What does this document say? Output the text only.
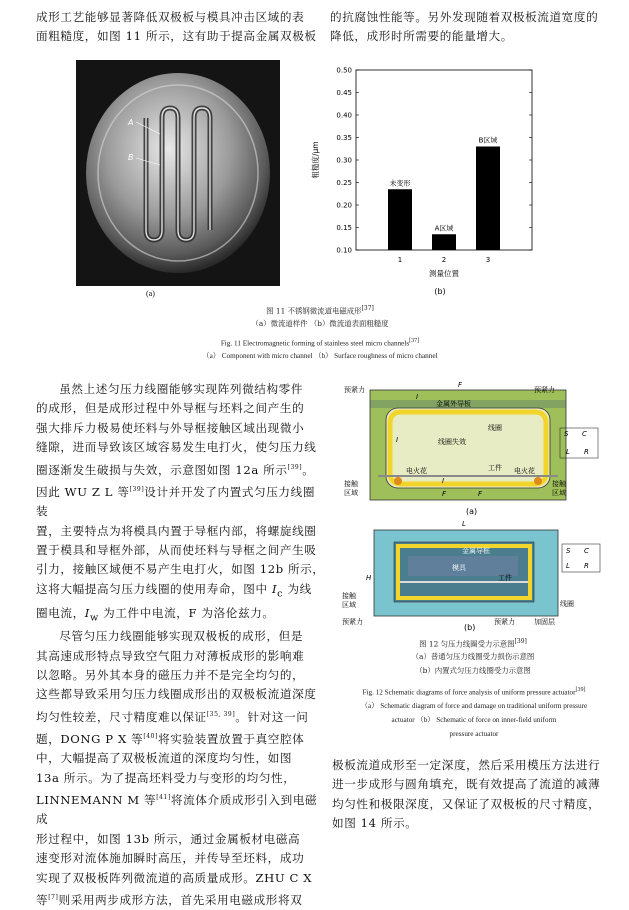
成形工艺能够显著降低双极板与模具冲击区域的表

面粗糙度，如图 11 所示，这有助于提高金属双极板

的抗腐蚀性能等。另外发现随着双极板流道宽度的

降低，成形时所需要的能量增大。

A
B
(a)
0.10
0.15
0.20
0.25
0.30
0.35
0.40
0.45
0.50
1
未变形
2
A区域
3
B区域
测量位置
粗糙度/μm
(b)
图 11 不锈钢微流道电磁成形[37]
（a）微流道样件 （b）微流道表面粗糙度
Fig. 11 Electromagnetic forming of stainless steel micro channels[37]
（a） Component with micro channel （b） Surface roughness of micro channel

虽然上述匀压力线圈能够实现阵列微结构零件

的成形，但是成形过程中外导框与坯料之间产生的

强大排斥力极易使坯料与外导框接触区域出现微小

缝隙，进而导致该区域容易发生电打火，使匀压力线

圈逐渐发生破损与失效，示意图如图 12a 所示[39]。

因此 WU Z L 等[39]设计并开发了内置式匀压力线圈装

置，主要特点为将模具内置于导框内部，将螺旋线圈

置于模具和导框外部，从而使坯料与导框之间产生吸

引力，接触区域便不易产生电打火，如图 12b 所示，

这将大幅提高匀压力线圈的使用寿命，图中 $I_c$ 为线

圈电流，$I_w$ 为工件中电流，F 为洛伦兹力。

尽管匀压力线圈能够实现双极板的成形，但是

其高速成形特点导致空气阻力对薄板成形的影响难

以忽略。另外其本身的磁压力并不是完全均匀的，

这些都导致采用匀压力线圈成形出的双极板流道深度

均匀性较差，尺寸精度难以保证[35, 39]。针对这一问

题，DONG P X 等[40]将实验装置放置于真空腔体

中，大幅提高了双极板流道的深度均匀性，如图

13a 所示。为了提高坯料受力与变形的均匀性，

LINNEMANN M 等[41]将流体介质成形引入到电磁成

形过程中，如图 13b 所示，通过金属板材电磁高

速变形对流体施加瞬时高压，并传导至坯料，成功

实现了双极板阵列微流道的高质量成形。ZHU C X

等[7]则采用两步成形方法，首先采用电磁成形将双

预紧力	预紧力
F
金属外导板
I
I
线圈
线圈失效
电火花	电火花
工件
I
F	F
接触
区域
接触
区域
S C
L R
(a)
L
H
金属导框
模具
工件
线圈
加固层
预紧力	预紧力
接触
区域
S C
L R
(b)
图 12 匀压力线圈受力示意图[39]
（a）普通匀压力线圈受力损伤示意图
（b）内置式匀压力线圈受力示意图
Fig. 12 Schematic diagrams of force analysis of uniform pressure actuator[39]
（a） Schematic diagram of force and damage on traditional uniform pressure
actuator （b） Schematic of force on inner-field uniform
pressure actuator

极板流道成形至一定深度，然后采用模压方法进行

进一步成形与圆角填充，既有效提高了流道的减薄

均匀性和极限深度，又保证了双极板的尺寸精度，

如图 14 所示。
